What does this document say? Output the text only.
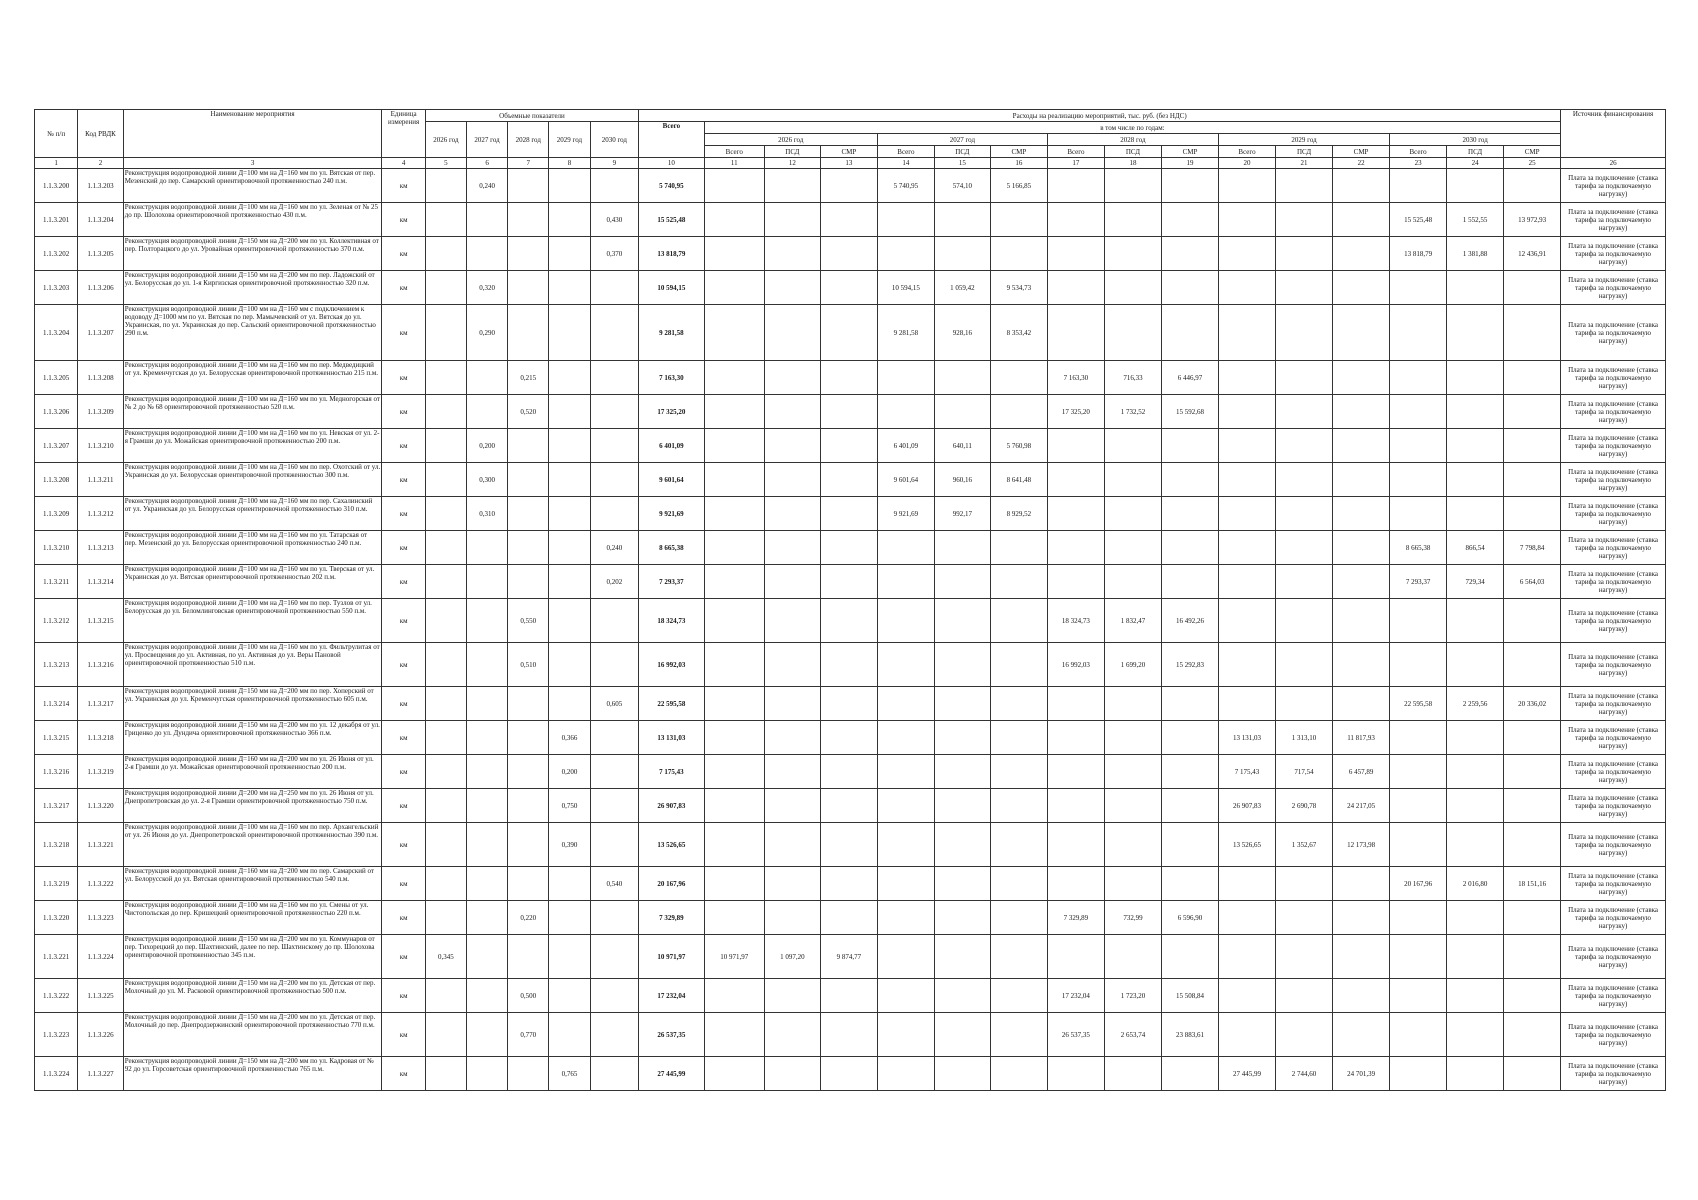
№ п/п	Код РВДК	Наименование мероприятия	Единица измерения	Объемные показатели					Расходы на реализацию мероприятий, тыс. руб. (без НДС)																Источник финансирования
				2026 год	2027 год	2028 год	2029 год	2030 год	Всего	в том числе по годам:															
										2026 год			2027 год			2028 год			2029 год			2030 год			
										Всего	ПСД	СМР	Всего	ПСД	СМР	Всего	ПСД	СМР	Всего	ПСД	СМР	Всего	ПСД	СМР	
1	2	3	4	5	6	7	8	9	10	11	12	13	14	15	16	17	18	19	20	21	22	23	24	25	26
1.1.3.200	1.1.3.203	Реконструкция водопроводной линии Д=100 мм на Д=160 мм по ул. Вятская от пер. Мезенский до пер. Самарский ориентировочной протяженностью 240 п.м.	км		0,240				5 740,95				5 740,95	574,10	5 166,85										Плата за подключение (ставка тарифа за подключаемую нагрузку)
1.1.3.201	1.1.3.204	Реконструкция водопроводной линии Д=100 мм на Д=160 мм по ул. Зеленая от № 25 до пр. Шолохова ориентировочной протяженностью 430 п.м.	км					0,430	15 525,48													15 525,48	1 552,55	13 972,93	Плата за подключение (ставка тарифа за подключаемую нагрузку)
1.1.3.202	1.1.3.205	Реконструкция водопроводной линии Д=150 мм на Д=200 мм по ул. Коллективная от пер. Полторацкого до ул. Уровайная ориентировочной протяженностью 370 п.м.	км					0,370	13 818,79													13 818,79	1 381,88	12 436,91	Плата за подключение (ставка тарифа за подключаемую нагрузку)
1.1.3.203	1.1.3.206	Реконструкция водопроводной линии Д=150 мм на Д=200 мм по пер. Ладожский от ул. Белорусская до ул. 1-я Киргизская ориентировочной протяженностью 320 п.м.	км		0,320				10 594,15				10 594,15	1 059,42	9 534,73										Плата за подключение (ставка тарифа за подключаемую нагрузку)
1.1.3.204	1.1.3.207	Реконструкция водопроводной линии Д=100 мм на Д=160 мм с подключением к водоводу Д=1000 мм по ул. Вятская по пер. Мамычевский от ул. Вятская до ул. Украинская, по ул. Украинская до пер. Сальский ориентировочной протяженностью 290 п.м.	км		0,290				9 281,58				9 281,58	928,16	8 353,42										Плата за подключение (ставка тарифа за подключаемую нагрузку)
1.1.3.205	1.1.3.208	Реконструкция водопроводной линии Д=100 мм на Д=160 мм по пер. Медведицкий от ул. Кременчугская до ул. Белорусская ориентировочной протяженностью 215 п.м.	км			0,215			7 163,30							7 163,30	716,33	6 446,97							Плата за подключение (ставка тарифа за подключаемую нагрузку)
1.1.3.206	1.1.3.209	Реконструкция водопроводной линии Д=100 мм на Д=160 мм по ул. Медногорская от № 2 до № 68 ориентировочной протяженностью 520 п.м.	км			0,520			17 325,20							17 325,20	1 732,52	15 592,68							Плата за подключение (ставка тарифа за подключаемую нагрузку)
1.1.3.207	1.1.3.210	Реконструкция водопроводной линии Д=100 мм на Д=160 мм по ул. Невская от ул. 2-я Грамши до ул. Можайская ориентировочной протяженностью 200 п.м.	км		0,200				6 401,09				6 401,09	640,11	5 760,98										Плата за подключение (ставка тарифа за подключаемую нагрузку)
1.1.3.208	1.1.3.211	Реконструкция водопроводной линии Д=100 мм на Д=160 мм по пер. Охотский от ул. Украинская до ул. Белорусская ориентировочной протяженностью 300 п.м.	км		0,300				9 601,64				9 601,64	960,16	8 641,48										Плата за подключение (ставка тарифа за подключаемую нагрузку)
1.1.3.209	1.1.3.212	Реконструкция водопроводной линии Д=100 мм на Д=160 мм по пер. Сахалинский от ул. Украинская до ул. Белорусская ориентировочной протяженностью 310 п.м.	км		0,310				9 921,69				9 921,69	992,17	8 929,52										Плата за подключение (ставка тарифа за подключаемую нагрузку)
1.1.3.210	1.1.3.213	Реконструкция водопроводной линии Д=100 мм на Д=160 мм по ул. Татарская от пер. Мезенский до ул. Белорусская ориентировочной протяженностью 240 п.м.	км					0,240	8 665,38													8 665,38	866,54	7 798,84	Плата за подключение (ставка тарифа за подключаемую нагрузку)
1.1.3.211	1.1.3.214	Реконструкция водопроводной линии Д=100 мм на Д=160 мм по ул. Тверская от ул. Украинская до ул. Вятская ориентировочной протяженностью 202 п.м.	км					0,202	7 293,37													7 293,37	729,34	6 564,03	Плата за подключение (ставка тарифа за подключаемую нагрузку)
1.1.3.212	1.1.3.215	Реконструкция водопроводной линии Д=100 мм на Д=160 мм по пер. Тузлов от ул. Белорусская до ул. Беломлинговская ориентировочной протяженностью 550 п.м.	км			0,550			18 324,73							18 324,73	1 832,47	16 492,26							Плата за подключение (ставка тарифа за подключаемую нагрузку)
1.1.3.213	1.1.3.216	Реконструкция водопроводной линии Д=100 мм на Д=160 мм по ул. Фильтрулитая от ул. Просвещения до ул. Активная, по ул. Активная до ул. Веры Пановой ориентировочной протяженностью 510 п.м.	км			0,510			16 992,03							16 992,03	1 699,20	15 292,83							Плата за подключение (ставка тарифа за подключаемую нагрузку)
1.1.3.214	1.1.3.217	Реконструкция водопроводной линии Д=150 мм на Д=200 мм по пер. Хоперский от ул. Украинская до ул. Кременчугская ориентировочной протяженностью 605 п.м.	км					0,605	22 595,58													22 595,58	2 259,56	20 336,02	Плата за подключение (ставка тарифа за подключаемую нагрузку)
1.1.3.215	1.1.3.218	Реконструкция водопроводной линии Д=150 мм на Д=200 мм по ул. 12 декабря от ул. Гриценко до ул. Дундича ориентировочной протяженностью 366 п.м.	км				0,366		13 131,03										13 131,03	1 313,10	11 817,93				Плата за подключение (ставка тарифа за подключаемую нагрузку)
1.1.3.216	1.1.3.219	Реконструкция водопроводной линии Д=160 мм на Д=200 мм по ул. 26 Июня от ул. 2-я Грамши до ул. Можайская ориентировочной протяженностью 200 п.м.	км				0,200		7 175,43										7 175,43	717,54	6 457,89				Плата за подключение (ставка тарифа за подключаемую нагрузку)
1.1.3.217	1.1.3.220	Реконструкция водопроводной линии Д=200 мм на Д=250 мм по ул. 26 Июня от ул. Днепропетровская до ул. 2-я Грамши ориентировочной протяженностью 750 п.м.	км				0,750		26 907,83										26 907,83	2 690,78	24 217,05				Плата за подключение (ставка тарифа за подключаемую нагрузку)
1.1.3.218	1.1.3.221	Реконструкция водопроводной линии Д=100 мм на Д=160 мм по пер. Архангельский от ул. 26 Июня до ул. Днепропетровской ориентировочной протяженностью 390 п.м.	км				0,390		13 526,65										13 526,65	1 352,67	12 173,98				Плата за подключение (ставка тарифа за подключаемую нагрузку)
1.1.3.219	1.1.3.222	Реконструкция водопроводной линии Д=160 мм на Д=200 мм по пер. Самарский от ул. Белорусской до ул. Вятская ориентировочной протяженностью 540 п.м.	км					0,540	20 167,96													20 167,96	2 016,80	18 151,16	Плата за подключение (ставка тарифа за подключаемую нагрузку)
1.1.3.220	1.1.3.223	Реконструкция водопроводной линии Д=100 мм на Д=160 мм по ул. Смены от ул. Чистопольская до пер. Кришецкий ориентировочной протяженностью 220 п.м.	км			0,220			7 329,89							7 329,89	732,99	6 596,90							Плата за подключение (ставка тарифа за подключаемую нагрузку)
1.1.3.221	1.1.3.224	Реконструкция водопроводной линии Д=150 мм на Д=200 мм по ул. Коммунаров от пер. Тихорецкий до пер. Шахтинский, далее по пер. Шахтинскому до пр. Шолохова ориентировочной протяженностью 345 п.м.	км	0,345					10 971,97	10 971,97	1 097,20	9 874,77													Плата за подключение (ставка тарифа за подключаемую нагрузку)
1.1.3.222	1.1.3.225	Реконструкция водопроводной линии Д=150 мм на Д=200 мм по ул. Детская от пер. Молочный до ул. М. Расковой ориентировочной протяженностью 500 п.м.	км			0,500			17 232,04							17 232,04	1 723,20	15 508,84							Плата за подключение (ставка тарифа за подключаемую нагрузку)
1.1.3.223	1.1.3.226	Реконструкция водопроводной линии Д=150 мм на Д=200 мм по ул. Детская от пер. Молочный до пер. Днепродзержинский ориентировочной протяженностью 770 п.м.	км			0,770			26 537,35							26 537,35	2 653,74	23 883,61							Плата за подключение (ставка тарифа за подключаемую нагрузку)
1.1.3.224	1.1.3.227	Реконструкция водопроводной линии Д=150 мм на Д=200 мм по ул. Кадровая от № 92 до ул. Горсоветская ориентировочной протяженностью 765 п.м.	км				0,765		27 445,99										27 445,99	2 744,60	24 701,39				Плата за подключение (ставка тарифа за подключаемую нагрузку)
